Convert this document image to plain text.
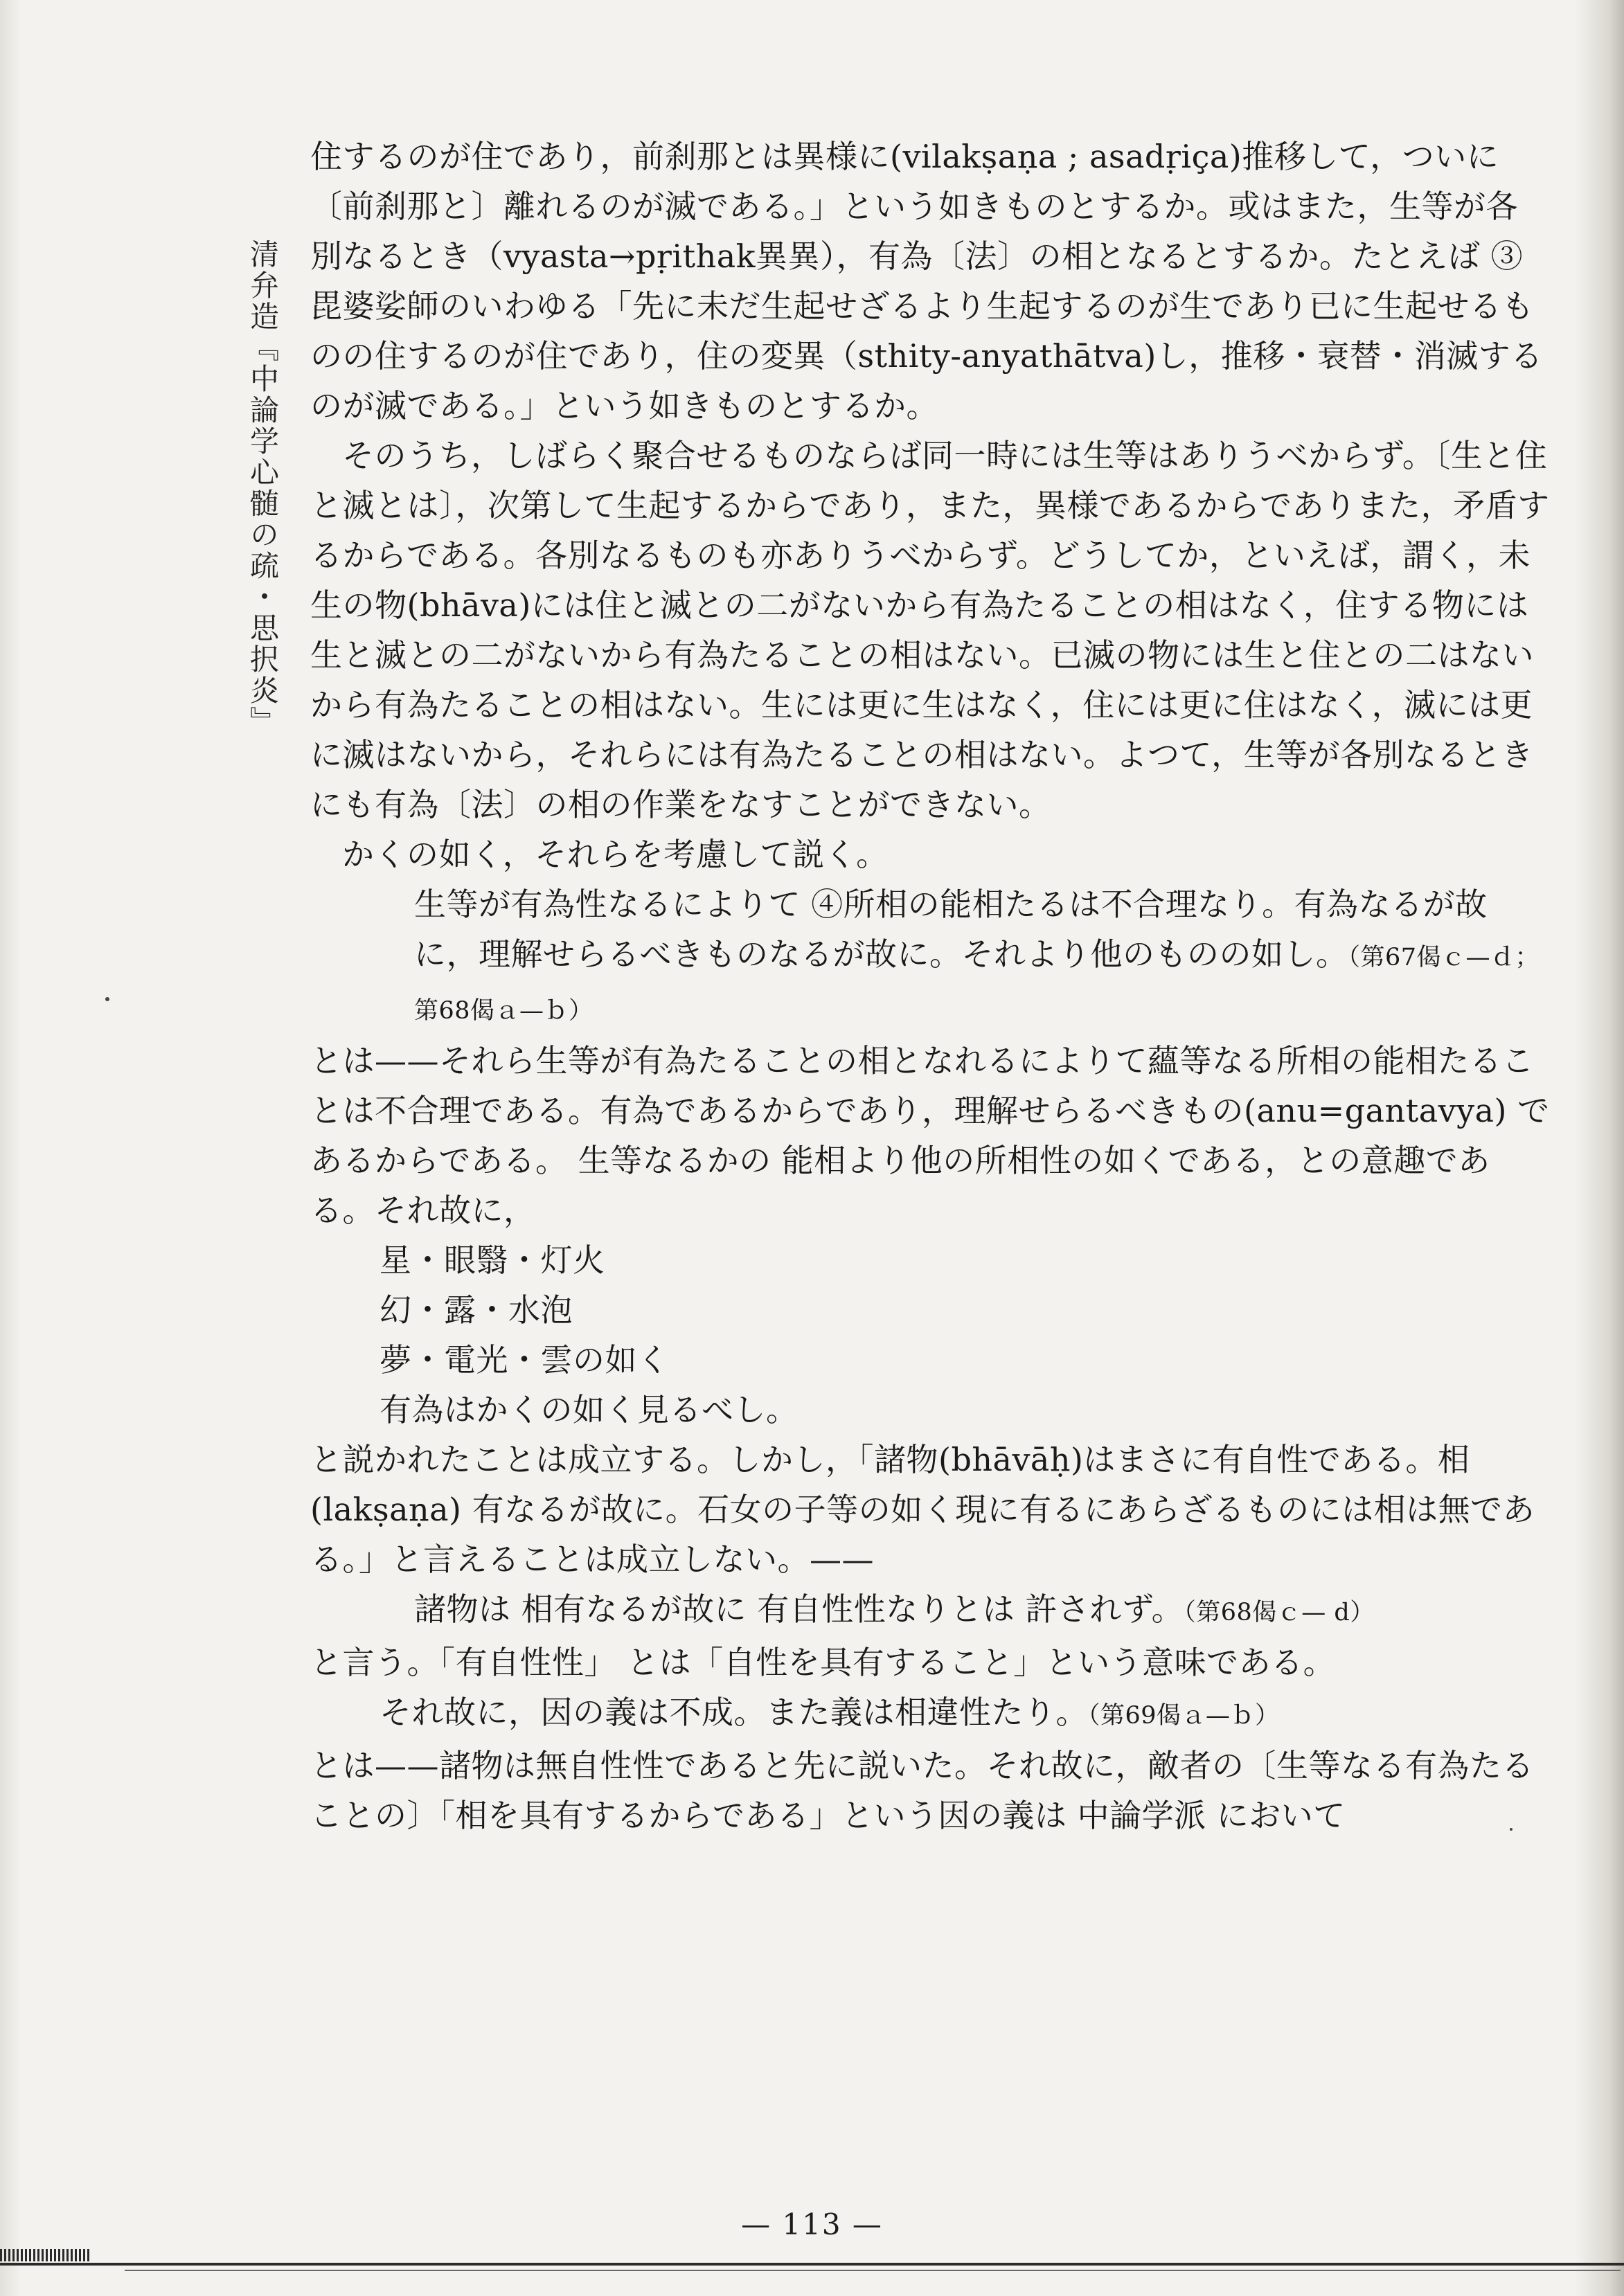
清弁造『中論学心髄の疏・思択炎』

住するのが住であり，前刹那とは異様に(vilakṣaṇa ; asadṛiça)推移して，ついに〔前刹那と〕離れるのが滅である。」という如きものとするか。或はまた，生等が各別なるとき（vyasta→pṛithak異異），有為〔法〕の相となるとするか。たとえば ③毘婆娑師のいわゆる「先に未だ生起せざるより生起するのが生であり已に生起せるものの住するのが住であり，住の変異（sthity-anyathātva)し，推移・衰替・消滅するのが滅である。」という如きものとするか。

そのうち，しばらく聚合せるものならば同一時には生等はありうべからず。〔生と住と滅とは〕，次第して生起するからであり，また，異様であるからでありまた，矛盾するからである。各別なるものも亦ありうべからず。どうしてか，といえば，謂く，未生の物(bhāva)には住と滅との二がないから有為たることの相はなく，住する物には生と滅との二がないから有為たることの相はない。已滅の物には生と住との二はないから有為たることの相はない。生には更に生はなく，住には更に住はなく，滅には更に滅はないから，それらには有為たることの相はない。よつて，生等が各別なるときにも有為〔法〕の相の作業をなすことができない。

かくの如く，それらを考慮して説く。

生等が有為性なるによりて ④所相の能相たるは不合理なり。有為なるが故に，理解せらるべきものなるが故に。それより他のものの如し。（第67偈ｃ—ｄ；第68偈ａ—ｂ）

とは——それら生等が有為たることの相となれるによりて蘊等なる所相の能相たることは不合理である。有為であるからであり，理解せらるべきもの(anu=gantavya) であるからである。 生等なるかの 能相より他の所相性の如くである，との意趣である。それ故に，

星・眼翳・灯火

幻・露・水泡

夢・電光・雲の如く

有為はかくの如く見るべし。

と説かれたことは成立する。しかし，「諸物(bhāvāḥ)はまさに有自性である。相(lakṣaṇa) 有なるが故に。石女の子等の如く現に有るにあらざるものには相は無である。」と言えることは成立しない。——

諸物は 相有なるが故に 有自性性なりとは 許されず。（第68偈ｃ— d）

と言う。「有自性性」 とは「自性を具有すること」という意味である。

それ故に，因の義は不成。また義は相違性たり。（第69偈ａ—ｂ）

とは——諸物は無自性性であると先に説いた。それ故に，敵者の〔生等なる有為たることの〕「相を具有するからである」という因の義は 中論学派 において

— 113 —
